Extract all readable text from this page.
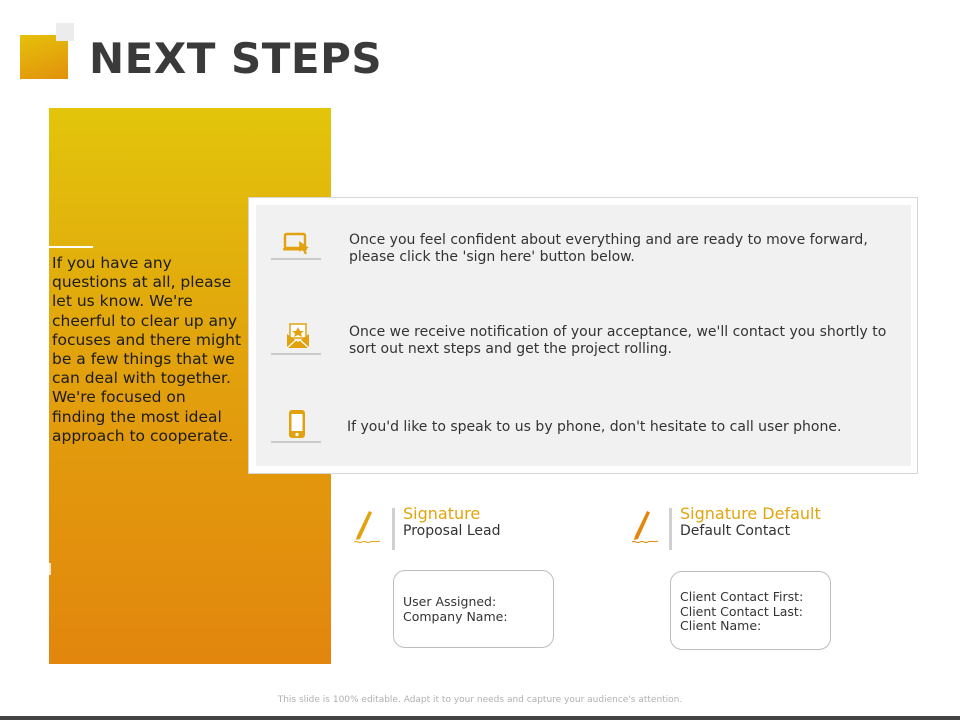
NEXT STEPS
If you have any
questions at all, please
let us know. We're
cheerful to clear up any
focuses and there might
be a few things that we
can deal with together.
We're focused on
finding the most ideal
approach to cooperate.
Once you feel confident about everything and are ready to move forward,
please click the 'sign here' button below.
Once we receive notification of your acceptance, we'll contact you shortly to
sort out next steps and get the project rolling.
If you'd like to speak to us by phone, don't hesitate to call user phone.
Signature
Proposal Lead
User Assigned:
Company Name:
Signature Default
Default Contact
Client Contact First:
Client Contact Last:
Client Name:
This slide is 100% editable. Adapt it to your needs and capture your audience's attention.
